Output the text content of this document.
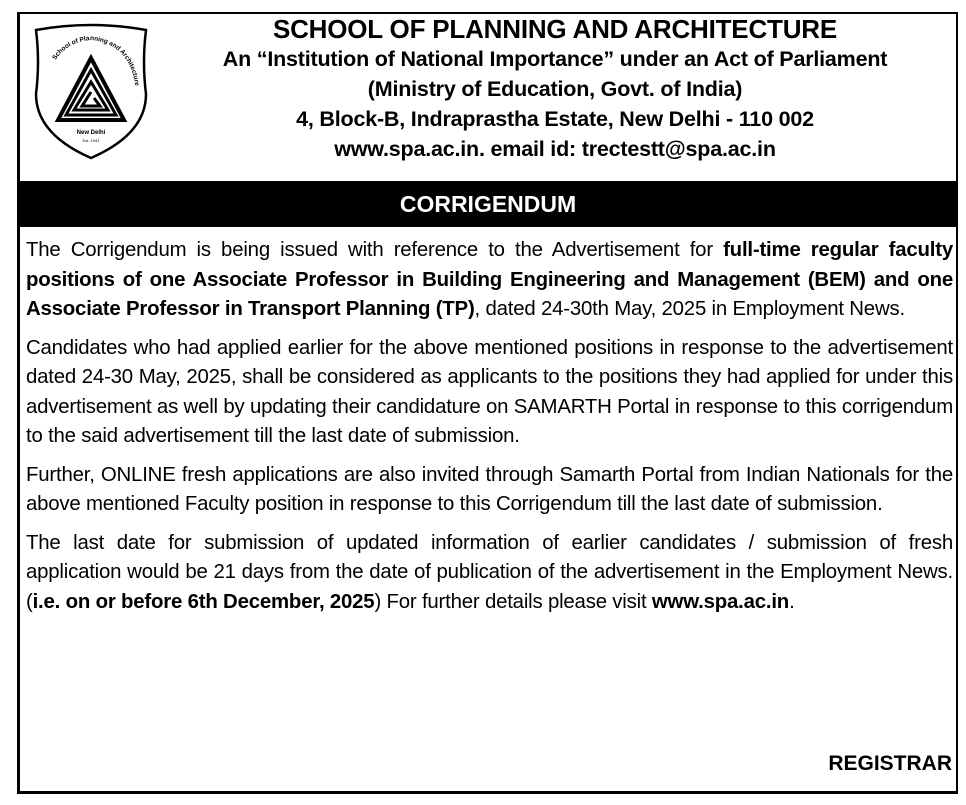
New Delhi
Est. 1941
School of Planning and Architecture
SCHOOL OF PLANNING AND ARCHITECTURE
An “Institution of National Importance” under an Act of Parliament
(Ministry of Education, Govt. of India)
4, Block-B, Indraprastha Estate, New Delhi - 110 002
www.spa.ac.in. email id: trectestt@spa.ac.in
CORRIGENDUM

The Corrigendum is being issued with reference to the Advertisement for full-time regular faculty positions of one Associate Professor in Building Engineering and Management (BEM) and one Associate Professor in Transport Planning (TP), dated 24-30th May, 2025 in Employment News.

Candidates who had applied earlier for the above mentioned positions in response to the advertisement dated 24-30 May, 2025, shall be considered as applicants to the positions they had applied for under this advertisement as well by updating their candidature on SAMARTH Portal in response to this corrigendum to the said advertisement till the last date of submission.

Further, ONLINE fresh applications are also invited through Samarth Portal from Indian Nationals for the above mentioned Faculty position in response to this Corrigendum till the last date of submission.

The last date for submission of updated information of earlier candidates / submission of fresh application would be 21 days from the date of publication of the advertisement in the Employment News. (i.e. on or before 6th December, 2025) For further details please visit www.spa.ac.in.

REGISTRAR
